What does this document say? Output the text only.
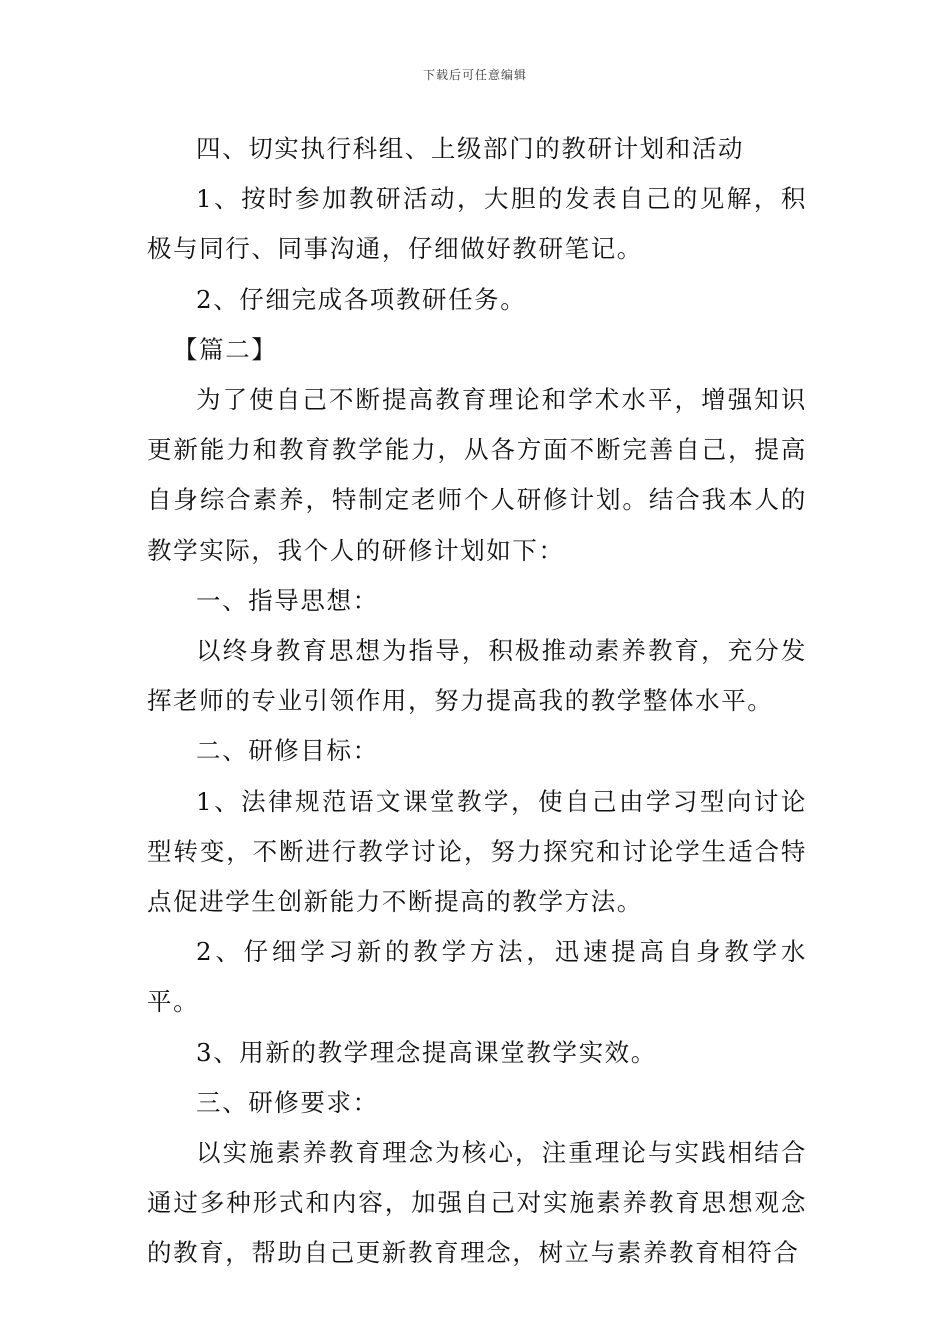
下载后可任意编辑

四、切实执行科组、上级部门的教研计划和活动

1、按时参加教研活动，大胆的发表自己的见解，积极与同行、同事沟通，仔细做好教研笔记。

2、仔细完成各项教研任务。

【篇二】

为了使自己不断提高教育理论和学术水平，增强知识更新能力和教育教学能力，从各方面不断完善自己，提高自身综合素养，特制定老师个人研修计划。结合我本人的教学实际，我个人的研修计划如下：

一、指导思想：

以终身教育思想为指导，积极推动素养教育，充分发挥老师的专业引领作用，努力提高我的教学整体水平。

二、研修目标：

1、法律规范语文课堂教学，使自己由学习型向讨论型转变，不断进行教学讨论，努力探究和讨论学生适合特点促进学生创新能力不断提高的教学方法。

2、仔细学习新的教学方法，迅速提高自身教学水平。

3、用新的教学理念提高课堂教学实效。

三、研修要求：

以实施素养教育理念为核心，注重理论与实践相结合通过多种形式和内容，加强自己对实施素养教育思想观念的教育，帮助自己更新教育理念，树立与素养教育相符合
